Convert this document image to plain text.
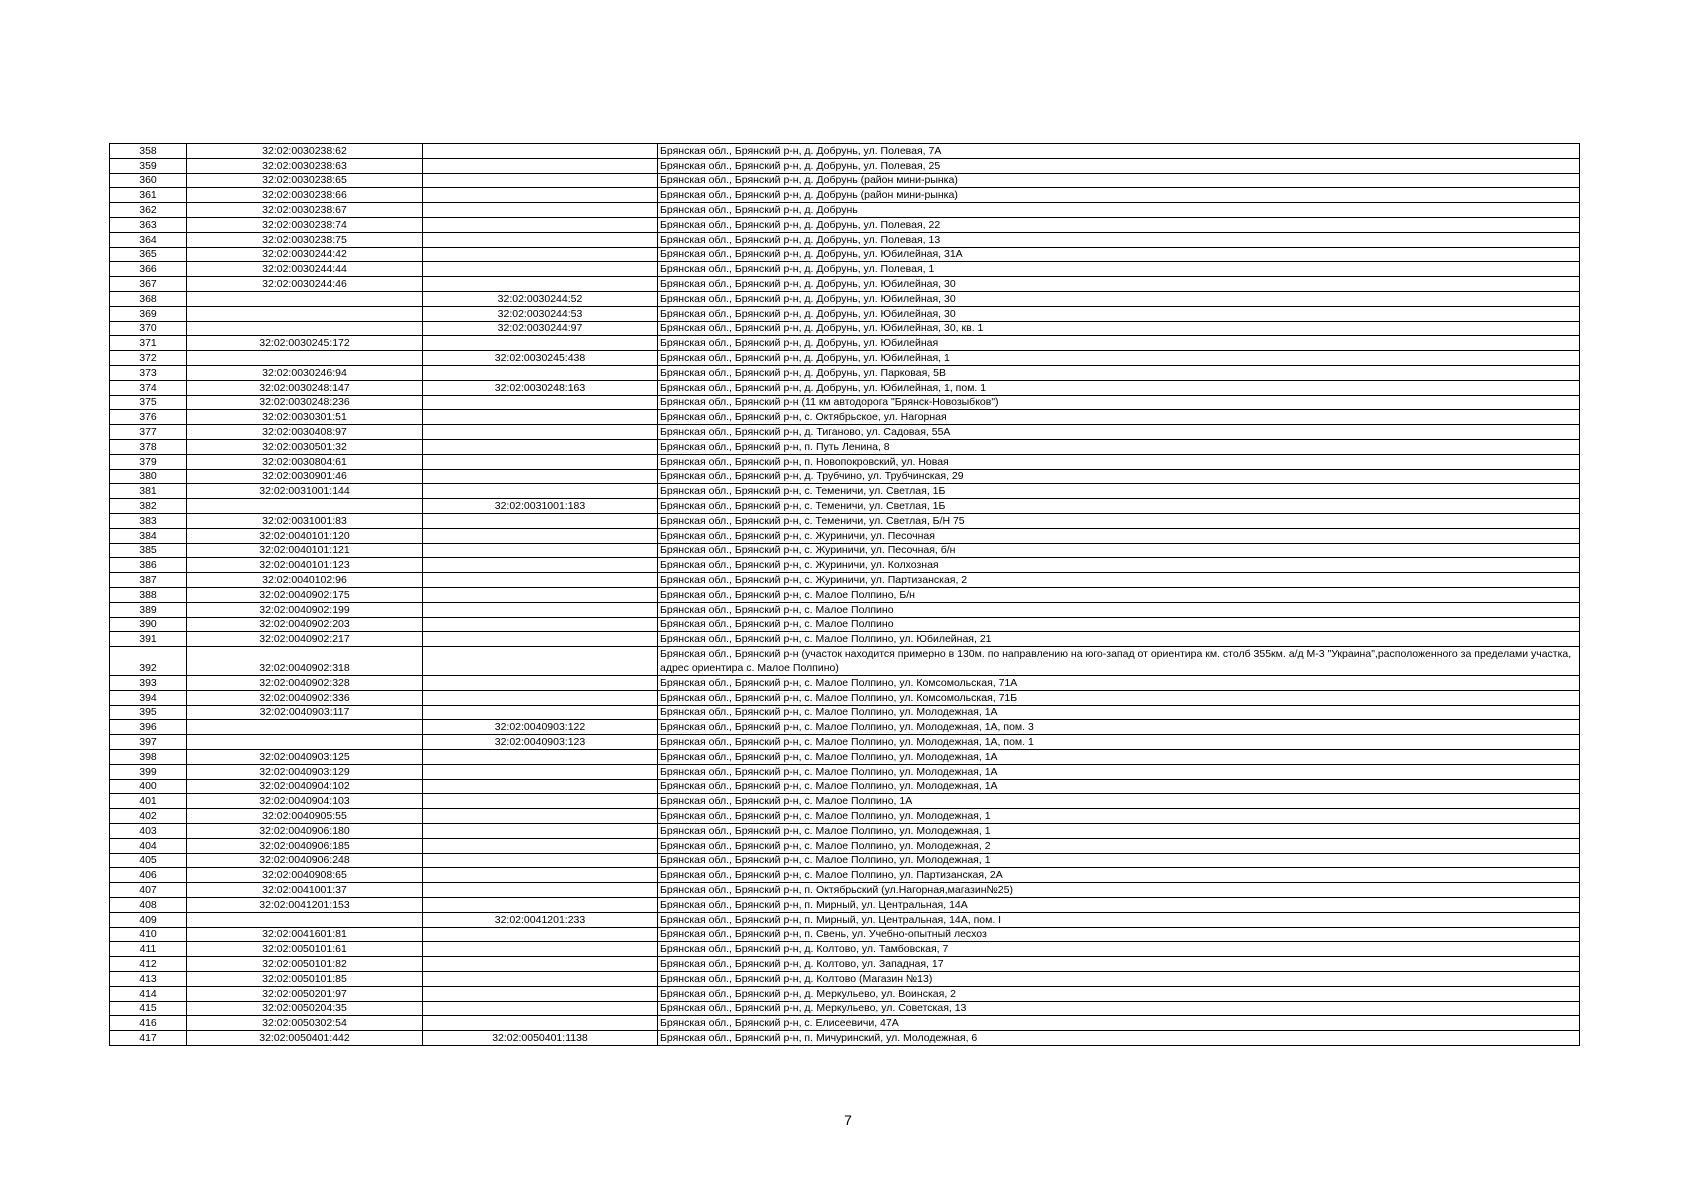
358	32:02:0030238:62		Брянская обл., Брянский р-н, д. Добрунь, ул. Полевая, 7А
359	32:02:0030238:63		Брянская обл., Брянский р-н, д. Добрунь, ул. Полевая, 25
360	32:02:0030238:65		Брянская обл., Брянский р-н, д. Добрунь (район мини-рынка)
361	32:02:0030238:66		Брянская обл., Брянский р-н, д. Добрунь (район мини-рынка)
362	32:02:0030238:67		Брянская обл., Брянский р-н, д. Добрунь
363	32:02:0030238:74		Брянская обл., Брянский р-н, д. Добрунь, ул. Полевая, 22
364	32:02:0030238:75		Брянская обл., Брянский р-н, д. Добрунь, ул. Полевая, 13
365	32:02:0030244:42		Брянская обл., Брянский р-н, д. Добрунь, ул. Юбилейная, 31А
366	32:02:0030244:44		Брянская обл., Брянский р-н, д. Добрунь, ул. Полевая, 1
367	32:02:0030244:46		Брянская обл., Брянский р-н, д. Добрунь, ул. Юбилейная, 30
368		32:02:0030244:52	Брянская обл., Брянский р-н, д. Добрунь, ул. Юбилейная, 30
369		32:02:0030244:53	Брянская обл., Брянский р-н, д. Добрунь, ул. Юбилейная, 30
370		32:02:0030244:97	Брянская обл., Брянский р-н, д. Добрунь, ул. Юбилейная, 30, кв. 1
371	32:02:0030245:172		Брянская обл., Брянский р-н, д. Добрунь, ул. Юбилейная
372		32:02:0030245:438	Брянская обл., Брянский р-н, д. Добрунь, ул. Юбилейная, 1
373	32:02:0030246:94		Брянская обл., Брянский р-н, д. Добрунь, ул. Парковая, 5В
374	32:02:0030248:147	32:02:0030248:163	Брянская обл., Брянский р-н, д. Добрунь, ул. Юбилейная, 1, пом. 1
375	32:02:0030248:236		Брянская обл., Брянский р-н (11 км автодорога "Брянск-Новозыбков")
376	32:02:0030301:51		Брянская обл., Брянский р-н, с. Октябрьское, ул. Нагорная
377	32:02:0030408:97		Брянская обл., Брянский р-н, д. Тиганово, ул. Садовая, 55А
378	32:02:0030501:32		Брянская обл., Брянский р-н, п. Путь Ленина, 8
379	32:02:0030804:61		Брянская обл., Брянский р-н, п. Новопокровский, ул. Новая
380	32:02:0030901:46		Брянская обл., Брянский р-н, д. Трубчино, ул. Трубчинская, 29
381	32:02:0031001:144		Брянская обл., Брянский р-н, с. Теменичи, ул. Светлая, 1Б
382		32:02:0031001:183	Брянская обл., Брянский р-н, с. Теменичи, ул. Светлая, 1Б
383	32:02:0031001:83		Брянская обл., Брянский р-н, с. Теменичи, ул. Светлая, Б/Н 75
384	32:02:0040101:120		Брянская обл., Брянский р-н, с. Журиничи, ул. Песочная
385	32:02:0040101:121		Брянская обл., Брянский р-н, с. Журиничи, ул. Песочная, б/н
386	32:02:0040101:123		Брянская обл., Брянский р-н, с. Журиничи, ул. Колхозная
387	32:02:0040102:96		Брянская обл., Брянский р-н, с. Журиничи, ул. Партизанская, 2
388	32:02:0040902:175		Брянская обл., Брянский р-н, с. Малое Полпино, Б/н
389	32:02:0040902:199		Брянская обл., Брянский р-н, с. Малое Полпино
390	32:02:0040902:203		Брянская обл., Брянский р-н, с. Малое Полпино
391	32:02:0040902:217		Брянская обл., Брянский р-н, с. Малое Полпино, ул. Юбилейная, 21
392	32:02:0040902:318		Брянская обл., Брянский р-н (участок находится примерно в 130м. по направлению на юго-запад от ориентира км. столб 355км. а/д М-3 "Украина",расположенного за пределами участка, адрес ориентира с. Малое Полпино)
393	32:02:0040902:328		Брянская обл., Брянский р-н, с. Малое Полпино, ул. Комсомольская, 71А
394	32:02:0040902:336		Брянская обл., Брянский р-н, с. Малое Полпино, ул. Комсомольская, 71Б
395	32:02:0040903:117		Брянская обл., Брянский р-н, с. Малое Полпино, ул. Молодежная, 1А
396		32:02:0040903:122	Брянская обл., Брянский р-н, с. Малое Полпино, ул. Молодежная, 1А, пом. 3
397		32:02:0040903:123	Брянская обл., Брянский р-н, с. Малое Полпино, ул. Молодежная, 1А, пом. 1
398	32:02:0040903:125		Брянская обл., Брянский р-н, с. Малое Полпино, ул. Молодежная, 1А
399	32:02:0040903:129		Брянская обл., Брянский р-н, с. Малое Полпино, ул. Молодежная, 1А
400	32:02:0040904:102		Брянская обл., Брянский р-н, с. Малое Полпино, ул. Молодежная, 1А
401	32:02:0040904:103		Брянская обл., Брянский р-н, с. Малое Полпино, 1А
402	32:02:0040905:55		Брянская обл., Брянский р-н, с. Малое Полпино, ул. Молодежная, 1
403	32:02:0040906:180		Брянская обл., Брянский р-н, с. Малое Полпино, ул. Молодежная, 1
404	32:02:0040906:185		Брянская обл., Брянский р-н, с. Малое Полпино, ул. Молодежная, 2
405	32:02:0040906:248		Брянская обл., Брянский р-н, с. Малое Полпино, ул. Молодежная, 1
406	32:02:0040908:65		Брянская обл., Брянский р-н, с. Малое Полпино, ул. Партизанская, 2А
407	32:02:0041001:37		Брянская обл., Брянский р-н, п. Октябрьский (ул.Нагорная,магазин№25)
408	32:02:0041201:153		Брянская обл., Брянский р-н, п. Мирный, ул. Центральная, 14А
409		32:02:0041201:233	Брянская обл., Брянский р-н, п. Мирный, ул. Центральная, 14А, пом. I
410	32:02:0041601:81		Брянская обл., Брянский р-н, п. Свень, ул. Учебно-опытный лесхоз
411	32:02:0050101:61		Брянская обл., Брянский р-н, д. Колтово, ул. Тамбовская, 7
412	32:02:0050101:82		Брянская обл., Брянский р-н, д. Колтово, ул. Западная, 17
413	32:02:0050101:85		Брянская обл., Брянский р-н, д. Колтово (Магазин №13)
414	32:02:0050201:97		Брянская обл., Брянский р-н, д. Меркульево, ул. Воинская, 2
415	32:02:0050204:35		Брянская обл., Брянский р-н, д. Меркульево, ул. Советская, 13
416	32:02:0050302:54		Брянская обл., Брянский р-н, с. Елисеевичи, 47А
417	32:02:0050401:442	32:02:0050401:1138	Брянская обл., Брянский р-н, п. Мичуринский, ул. Молодежная, 6
7
